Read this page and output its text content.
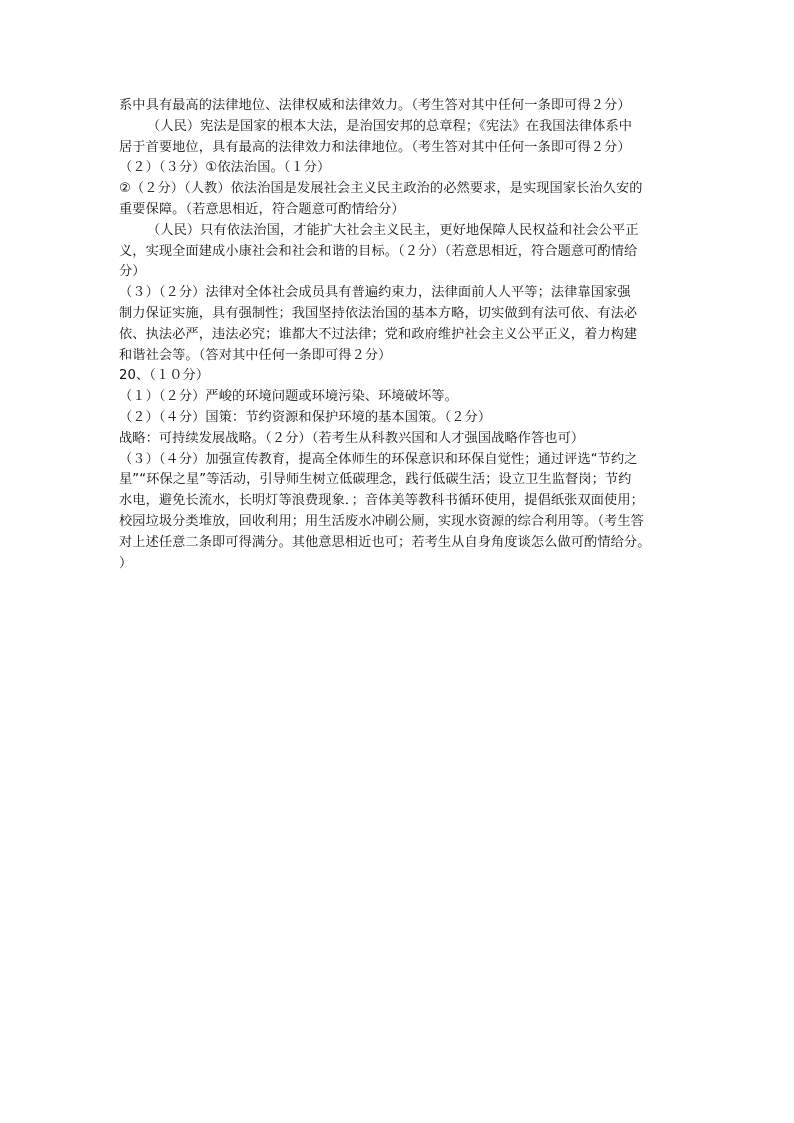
系中具有最高的法律地位、法律权威和法律效力。（考生答对其中任何一条即可得２分）
（人民）宪法是国家的根本大法，是治国安邦的总章程；《宪法》在我国法律体系中
居于首要地位，具有最高的法律效力和法律地位。（考生答对其中任何一条即可得２分）
（２）（３分）①依法治国。（１分）
②（２分）（人教）依法治国是发展社会主义民主政治的必然要求，是实现国家长治久安的
重要保障。（若意思相近，符合题意可酌情给分）
（人民）只有依法治国，才能扩大社会主义民主，更好地保障人民权益和社会公平正
义，实现全面建成小康社会和社会和谐的目标。（２分）（若意思相近，符合题意可酌情给
分）
（３）（２分）法律对全体社会成员具有普遍约束力，法律面前人人平等；法律靠国家强
制力保证实施，具有强制性；我国坚持依法治国的基本方略，切实做到有法可依、有法必
依、执法必严，违法必究；谁都大不过法律；党和政府维护社会主义公平正义，着力构建
和谐社会等。（答对其中任何一条即可得２分）
20、（１０分）
（１）（２分）严峻的环境问题或环境污染、环境破坏等。
（２）（４分）国策：节约资源和保护环境的基本国策。（２分）
战略：可持续发展战略。（２分）（若考生从科教兴国和人才强国战略作答也可）
（３）（４分）加强宣传教育，提高全体师生的环保意识和环保自觉性；通过评选“节约之
星”“环保之星”等活动，引导师生树立低碳理念，践行低碳生活；设立卫生监督岗；节约
水电，避免长流水，长明灯等浪费现象．；音体美等教科书循环使用，提倡纸张双面使用；
校园垃圾分类堆放，回收利用；用生活废水冲刷公厕，实现水资源的综合利用等。（考生答
对上述任意二条即可得满分。其他意思相近也可；若考生从自身角度谈怎么做可酌情给分。
）
